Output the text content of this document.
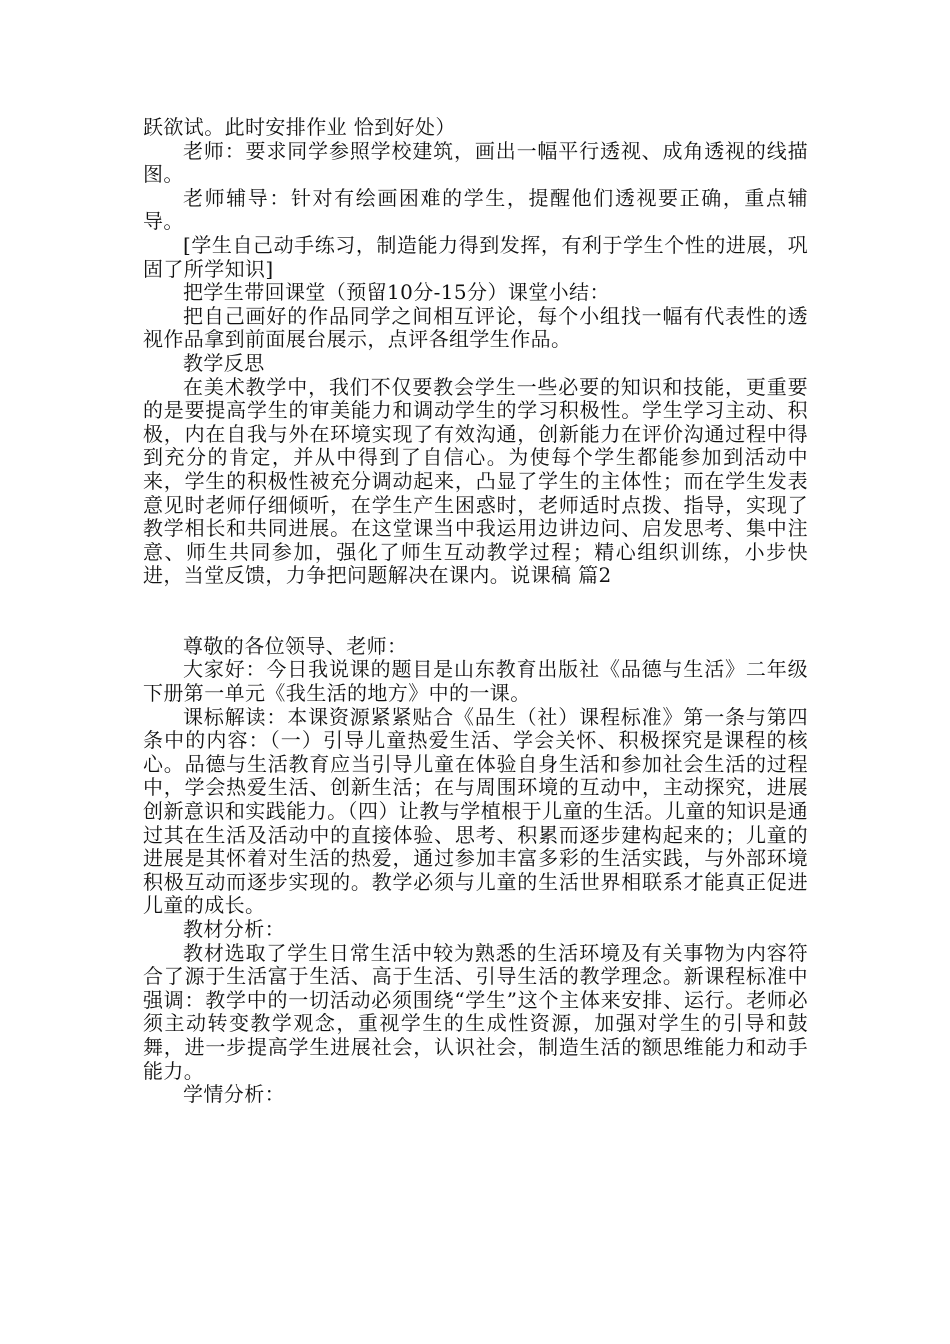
跃欲试。此时安排作业 恰到好处）

老师：要求同学参照学校建筑，画出一幅平行透视、成角透视的线描图。

老师辅导：针对有绘画困难的学生，提醒他们透视要正确，重点辅导。

[学生自己动手练习，制造能力得到发挥，有利于学生个性的进展，巩固了所学知识]

把学生带回课堂（预留10分-15分）课堂小结：

把自己画好的作品同学之间相互评论，每个小组找一幅有代表性的透视作品拿到前面展台展示，点评各组学生作品。

教学反思

在美术教学中，我们不仅要教会学生一些必要的知识和技能，更重要的是要提高学生的审美能力和调动学生的学习积极性。学生学习主动、积极，内在自我与外在环境实现了有效沟通，创新能力在评价沟通过程中得到充分的肯定，并从中得到了自信心。为使每个学生都能参加到活动中来，学生的积极性被充分调动起来，凸显了学生的主体性；而在学生发表意见时老师仔细倾听，在学生产生困惑时，老师适时点拨、指导，实现了教学相长和共同进展。在这堂课当中我运用边讲边问、启发思考、集中注意、师生共同参加，强化了师生互动教学过程；精心组织训练，小步快进，当堂反馈，力争把问题解决在课内。说课稿 篇2

尊敬的各位领导、老师：

大家好：今日我说课的题目是山东教育出版社《品德与生活》二年级下册第一单元《我生活的地方》中的一课。

课标解读：本课资源紧紧贴合《品生（社）课程标准》第一条与第四条中的内容：（一）引导儿童热爱生活、学会关怀、积极探究是课程的核心。品德与生活教育应当引导儿童在体验自身生活和参加社会生活的过程中，学会热爱生活、创新生活；在与周围环境的互动中，主动探究，进展创新意识和实践能力。（四）让教与学植根于儿童的生活。儿童的知识是通过其在生活及活动中的直接体验、思考、积累而逐步建构起来的；儿童的进展是其怀着对生活的热爱，通过参加丰富多彩的生活实践，与外部环境积极互动而逐步实现的。教学必须与儿童的生活世界相联系才能真正促进儿童的成长。

教材分析：

教材选取了学生日常生活中较为熟悉的生活环境及有关事物为内容符合了源于生活富于生活、高于生活、引导生活的教学理念。新课程标准中强调：教学中的一切活动必须围绕“学生”这个主体来安排、运行。老师必须主动转变教学观念，重视学生的生成性资源，加强对学生的引导和鼓舞，进一步提高学生进展社会，认识社会，制造生活的额思维能力和动手能力。

学情分析：
